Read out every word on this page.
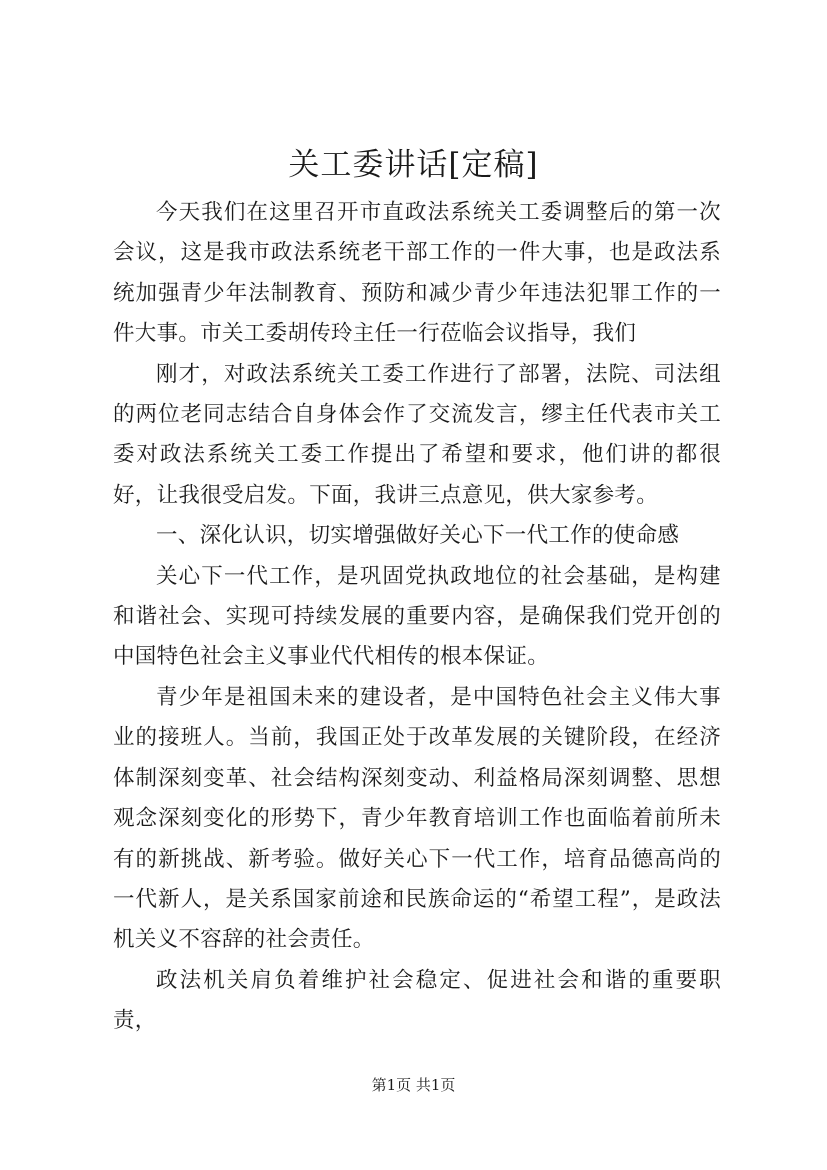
关工委讲话[定稿]

今天我们在这里召开市直政法系统关工委调整后的第一次会议，这是我市政法系统老干部工作的一件大事，也是政法系统加强青少年法制教育、预防和减少青少年违法犯罪工作的一件大事。市关工委胡传玲主任一行莅临会议指导，我们

刚才，对政法系统关工委工作进行了部署，法院、司法组的两位老同志结合自身体会作了交流发言，缪主任代表市关工委对政法系统关工委工作提出了希望和要求，他们讲的都很好，让我很受启发。下面，我讲三点意见，供大家参考。

一、深化认识，切实增强做好关心下一代工作的使命感

关心下一代工作，是巩固党执政地位的社会基础，是构建和谐社会、实现可持续发展的重要内容，是确保我们党开创的中国特色社会主义事业代代相传的根本保证。

青少年是祖国未来的建设者，是中国特色社会主义伟大事业的接班人。当前，我国正处于改革发展的关键阶段，在经济体制深刻变革、社会结构深刻变动、利益格局深刻调整、思想观念深刻变化的形势下，青少年教育培训工作也面临着前所未有的新挑战、新考验。做好关心下一代工作，培育品德高尚的一代新人，是关系国家前途和民族命运的“希望工程”，是政法机关义不容辞的社会责任。

政法机关肩负着维护社会稳定、促进社会和谐的重要职责，

第1页 共1页
